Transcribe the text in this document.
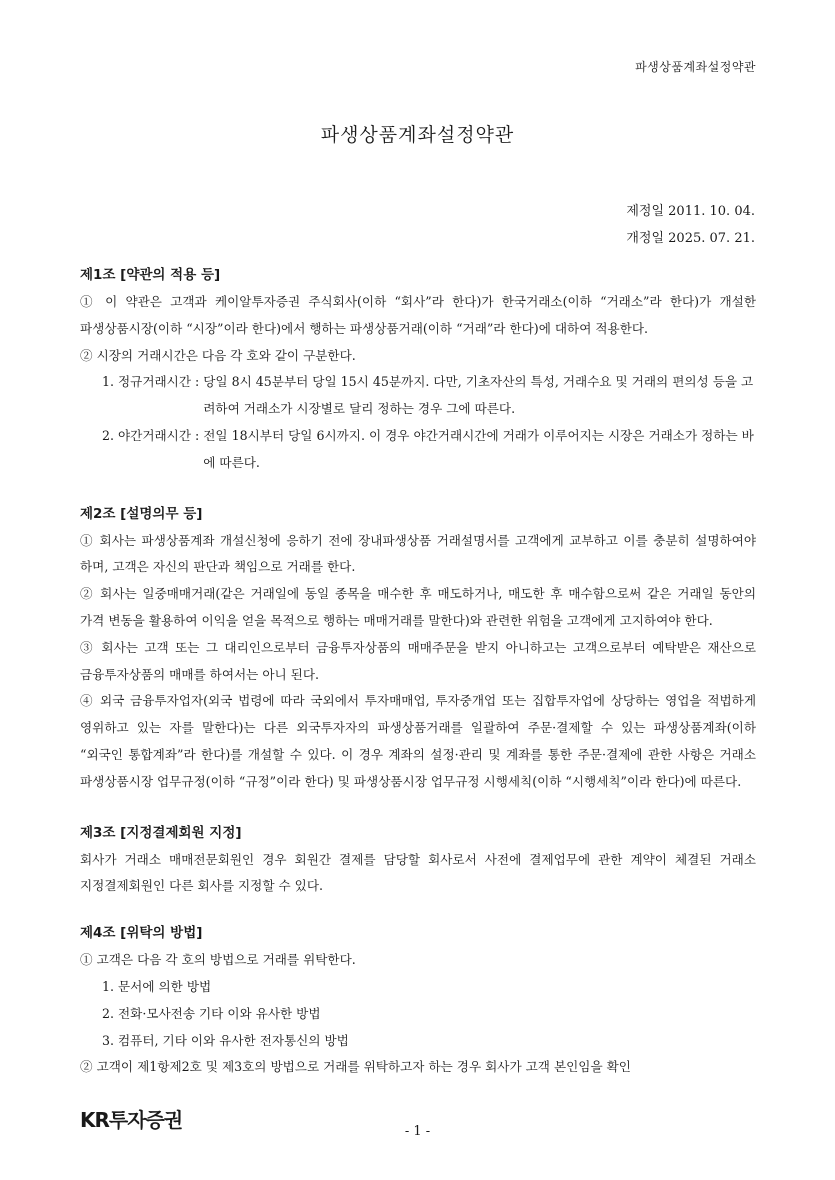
파생상품계좌설정약관
파생상품계좌설정약관
제정일 2011. 10. 04.
개정일 2025. 07. 21.

제1조 [약관의 적용 등]

① 이 약관은 고객과 케이알투자증권 주식회사(이하 “회사”라 한다)가 한국거래소(이하 “거래소”라 한다)가 개설한 파생상품시장(이하 “시장”이라 한다)에서 행하는 파생상품거래(이하 “거래”라 한다)에 대하여 적용한다.

② 시장의 거래시간은 다음 각 호와 같이 구분한다.

1. 정규거래시간 : 당일 8시 45분부터 당일 15시 45분까지. 다만, 기초자산의 특성, 거래수요 및 거래의 편의성 등을 고려하여 거래소가 시장별로 달리 정하는 경우 그에 따른다.
2. 야간거래시간 : 전일 18시부터 당일 6시까지. 이 경우 야간거래시간에 거래가 이루어지는 시장은 거래소가 정하는 바에 따른다.

제2조 [설명의무 등]

① 회사는 파생상품계좌 개설신청에 응하기 전에 장내파생상품 거래설명서를 고객에게 교부하고 이를 충분히 설명하여야 하며, 고객은 자신의 판단과 책임으로 거래를 한다.

② 회사는 일중매매거래(같은 거래일에 동일 종목을 매수한 후 매도하거나, 매도한 후 매수함으로써 같은 거래일 동안의 가격 변동을 활용하여 이익을 얻을 목적으로 행하는 매매거래를 말한다)와 관련한 위험을 고객에게 고지하여야 한다.

③ 회사는 고객 또는 그 대리인으로부터 금융투자상품의 매매주문을 받지 아니하고는 고객으로부터 예탁받은 재산으로 금융투자상품의 매매를 하여서는 아니 된다.

④ 외국 금융투자업자(외국 법령에 따라 국외에서 투자매매업, 투자중개업 또는 집합투자업에 상당하는 영업을 적법하게 영위하고 있는 자를 말한다)는 다른 외국투자자의 파생상품거래를 일괄하여 주문·결제할 수 있는 파생상품계좌(이하 “외국인 통합계좌”라 한다)를 개설할 수 있다. 이 경우 계좌의 설정·관리 및 계좌를 통한 주문·결제에 관한 사항은 거래소 파생상품시장 업무규정(이하 “규정”이라 한다) 및 파생상품시장 업무규정 시행세칙(이하 “시행세칙”이라 한다)에 따른다.

제3조 [지정결제회원 지정]

회사가 거래소 매매전문회원인 경우 회원간 결제를 담당할 회사로서 사전에 결제업무에 관한 계약이 체결된 거래소 지정결제회원인 다른 회사를 지정할 수 있다.

제4조 [위탁의 방법]

① 고객은 다음 각 호의 방법으로 거래를 위탁한다.

1. 문서에 의한 방법

2. 전화·모사전송 기타 이와 유사한 방법

3. 컴퓨터, 기타 이와 유사한 전자통신의 방법

② 고객이 제1항제2호 및 제3호의 방법으로 거래를 위탁하고자 하는 경우 회사가 고객 본인임을 확인

KR투자증권	- 1 -
